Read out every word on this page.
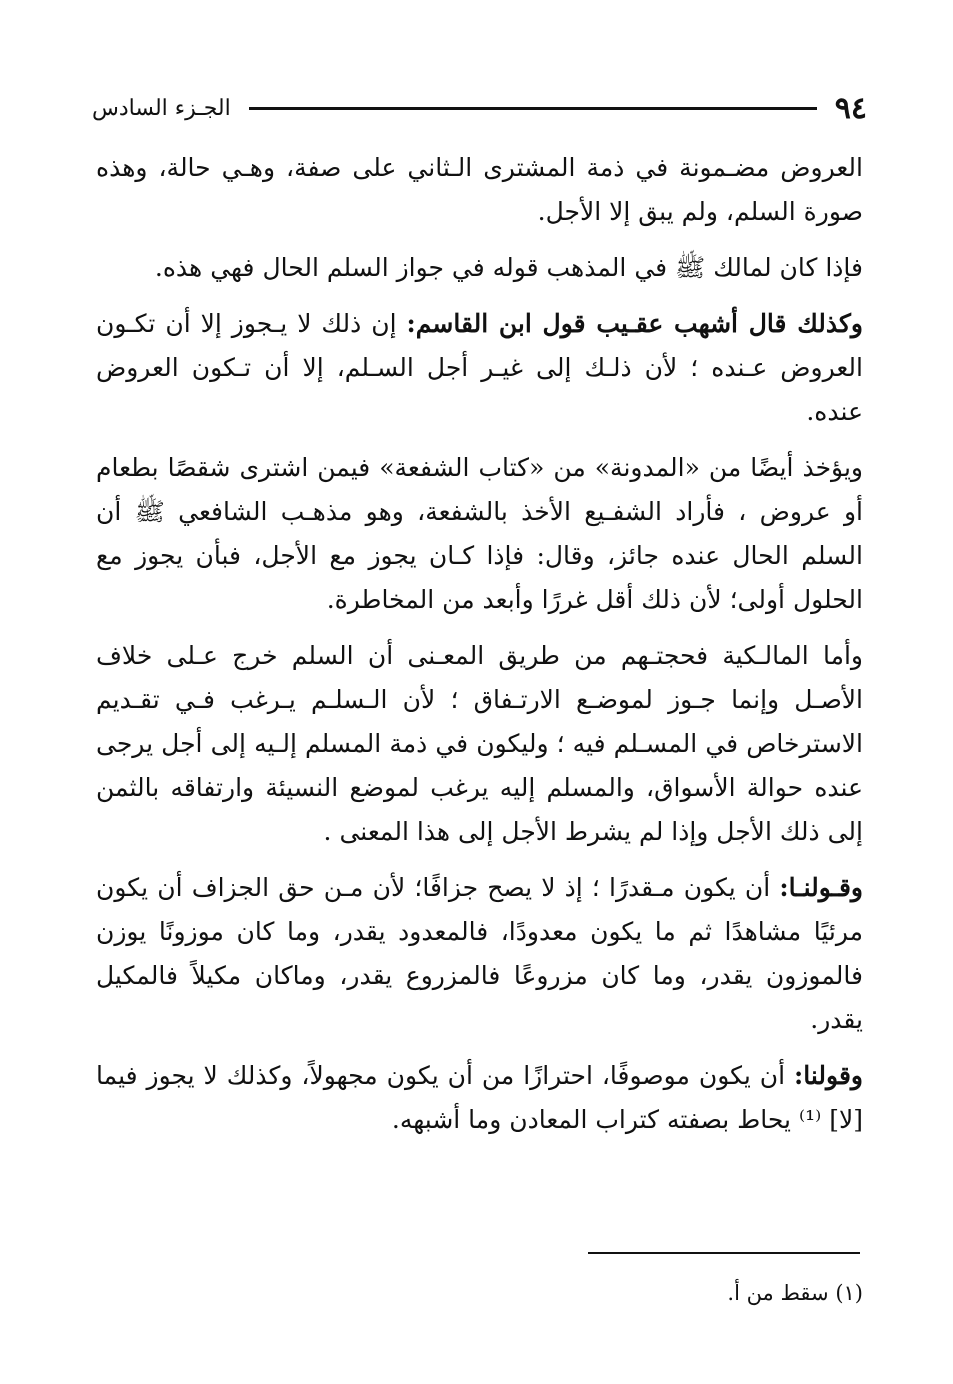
الجـزء السادس	٩٤

العروض مضـمونة في ذمة المشترى الـثاني على صفة، وهـي حالة، وهذه صورة السلم، ولم يبق إلا الأجل.

فإذا كان لمالك ﷺ في المذهب قوله في جواز السلم الحال فهي هذه.

وكذلك قال أشهب عقـيب قول ابن القاسم: إن ذلك لا يـجوز إلا أن تكـون العروض عـنده ؛ لأن ذلـك إلى غيـر أجل السـلم، إلا أن تـكون العروض عنده.

ويؤخذ أيضًا من «المدونة» من «كتاب الشفعة» فيمن اشترى شقصًا بطعام أو عروض ، فأراد الشفـيع الأخذ بالشفعة، وهو مذهـب الشافعي ﷺ أن السلم الحال عنده جائز، وقال: فإذا كـان يجوز مع الأجل، فبأن يجوز مع الحلول أولى؛ لأن ذلك أقل غررًا وأبعد من المخاطرة.

وأما المالـكية فحجتـهم من طريق المعـنى أن السلم خرج عـلى خلاف الأصـل وإنما جـوز لموضـع الارتـفاق ؛ لأن الـسلـم يـرغب فـي تقـديم الاسترخاص في المسـلم فيه ؛ وليكون في ذمة المسلم إلـيه إلى أجل يرجى عنده حوالة الأسواق، والمسلم إليه يرغب لموضع النسيئة وارتفاقه بالثمن إلى ذلك الأجل وإذا لم يشرط الأجل إلى هذا المعنى .

وقـولنـا: أن يكون مـقدرًا ؛ إذ لا يصح جزافًا؛ لأن مـن حق الجزاف أن يكون مرئيًا مشاهدًا ثم ما يكون معدودًا، فالمعدود يقدر، وما كان موزونًا يوزن فالموزون يقدر، وما كان مزروعًا فالمزروع يقدر، وماكان مكيلاً فالمكيل يقدر.

وقولنا: أن يكون موصوفًا، احترازًا من أن يكون مجهولاً، وكذلك لا يجوز فيما [لا] ⁽¹⁾ يحاط بصفته كتراب المعادن وما أشبهه.

(١) سقط من أ.
